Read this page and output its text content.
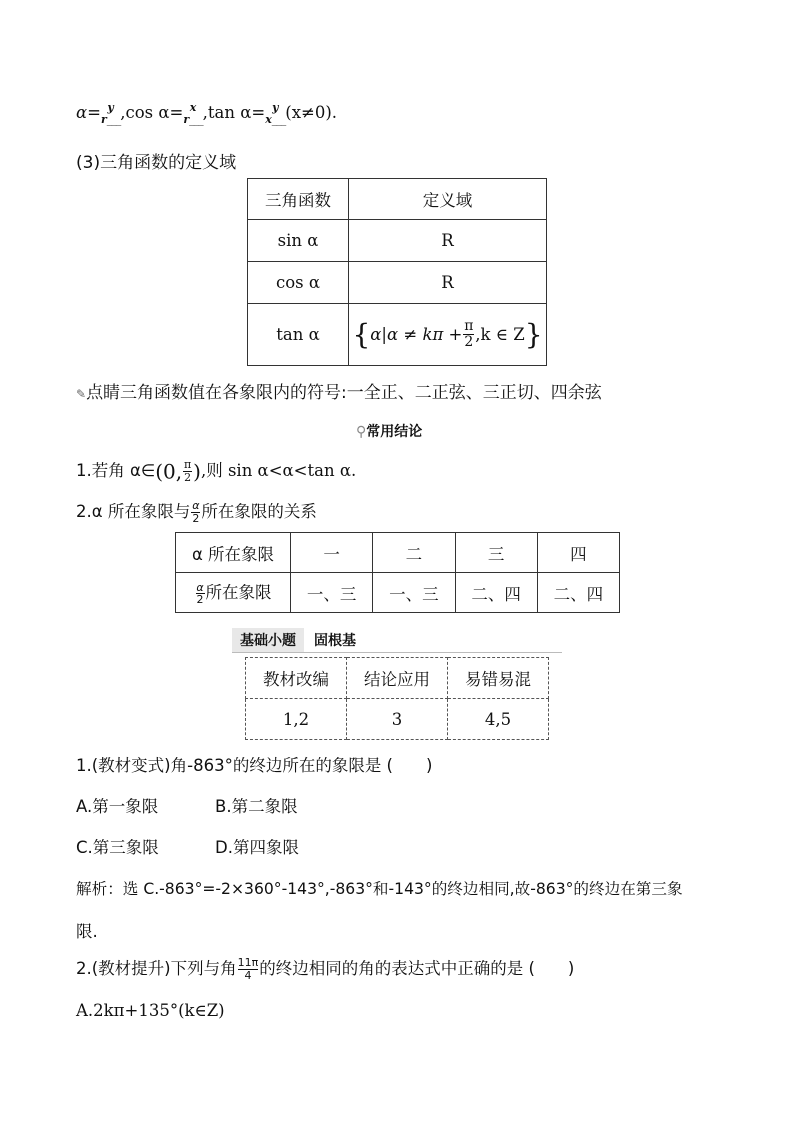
α= y
r ___ ,cos α= x
r ___ ,tan α= y
x ___ (x≠0).
(3)三角函数的定义域
三角函数	定义域
sin α	R
cos α	R
tan α	{$\alpha|\alpha \ne k\pi + \frac{\pi}{2} ,k$ ∈ Z}
✎点睛三角函数值在各象限内的符号:一全正、二正弦、三正切、四余弦
⚲常用结论
1.若角 α∈(0, $\frac{\pi}{2}$ ),则 sin α<α<tan α.
2.α 所在象限与 $\frac{\alpha}{2}$ 所在象限的关系
α 所在象限	一	二	三	四

$\frac{\alpha}{2}$ 所在象限	一、三	一、三	二、四	二、四
基础小题 固根基
教材改编	结论应用	易错易混
1,2	3	4,5
1.(教材变式)角-863°的终边所在的象限是 (　　)
A.第一象限	B.第二象限
C.第三象限	D.第四象限
解析：选 C.-863°=-2×360°-143°,-863°和-143°的终边相同,故-863°的终边在第三象
限.
2.(教材提升)下列与角 $\frac{11\pi}{4}$ 的终边相同的角的表达式中正确的是 (　　)
A.2kπ+135°(k∈Z)
